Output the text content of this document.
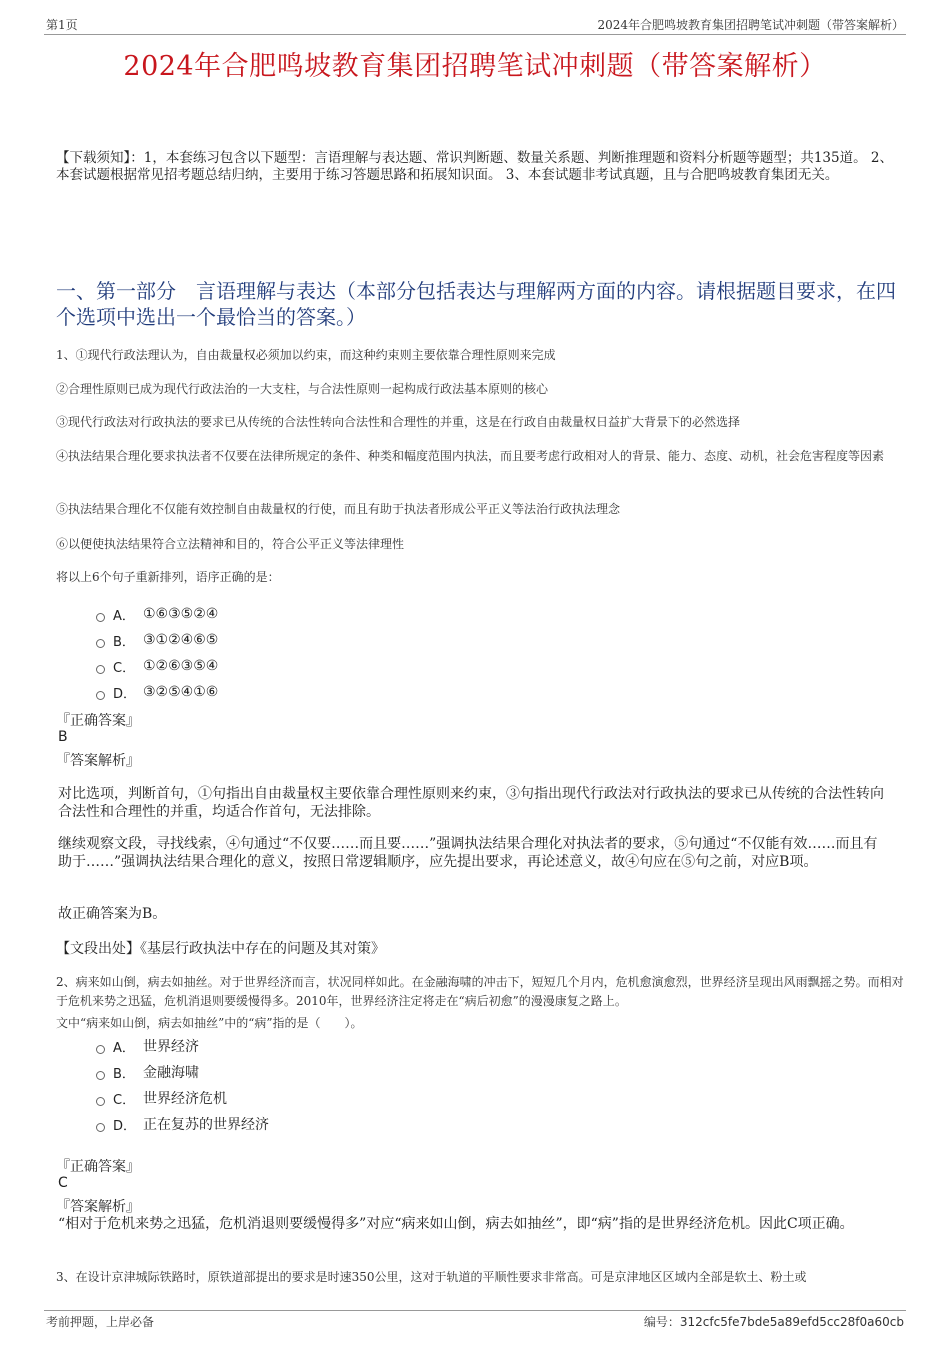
第1页	2024年合肥鸣坡教育集团招聘笔试冲刺题（带答案解析）
2024年合肥鸣坡教育集团招聘笔试冲刺题（带答案解析）
【下载须知】：1，本套练习包含以下题型：言语理解与表达题、常识判断题、数量关系题、判断推理题和资料分析题等题型；共135道。 2、本套试题根据常见招考题总结归纳，主要用于练习答题思路和拓展知识面。 3、本套试题非考试真题，且与合肥鸣坡教育集团无关。
一、第一部分　言语理解与表达（本部分包括表达与理解两方面的内容。请根据题目要求，在四个选项中选出一个最恰当的答案。）
1、①现代行政法理认为，自由裁量权必须加以约束，而这种约束则主要依靠合理性原则来完成
②合理性原则已成为现代行政法治的一大支柱，与合法性原则一起构成行政法基本原则的核心
③现代行政法对行政执法的要求已从传统的合法性转向合法性和合理性的并重，这是在行政自由裁量权日益扩大背景下的必然选择
④执法结果合理化要求执法者不仅要在法律所规定的条件、种类和幅度范围内执法，而且要考虑行政相对人的背景、能力、态度、动机，社会危害程度等因素
⑤执法结果合理化不仅能有效控制自由裁量权的行使，而且有助于执法者形成公平正义等法治行政执法理念
⑥以便使执法结果符合立法精神和目的，符合公平正义等法律理性
将以上6个句子重新排列，语序正确的是：
A． ①⑥③⑤②④
B． ③①②④⑥⑤
C． ①②⑥③⑤④
D． ③②⑤④①⑥
『正确答案』
B
『答案解析』
对比选项，判断首句，①句指出自由裁量权主要依靠合理性原则来约束，③句指出现代行政法对行政执法的要求已从传统的合法性转向合法性和合理性的并重，均适合作首句，无法排除。
继续观察文段，寻找线索，④句通过“不仅要……而且要……”强调执法结果合理化对执法者的要求，⑤句通过“不仅能有效……而且有助于……”强调执法结果合理化的意义，按照日常逻辑顺序，应先提出要求，再论述意义，故④句应在⑤句之前，对应B项。
故正确答案为B。
【文段出处】《基层行政执法中存在的问题及其对策》
2、病来如山倒，病去如抽丝。对于世界经济而言，状况同样如此。在金融海啸的冲击下，短短几个月内，危机愈演愈烈，世界经济呈现出风雨飘摇之势。而相对于危机来势之迅猛，危机消退则要缓慢得多。2010年，世界经济注定将走在“病后初愈”的漫漫康复之路上。
文中“病来如山倒，病去如抽丝”中的“病”指的是（　　）。
A． 世界经济
B． 金融海啸
C． 世界经济危机
D． 正在复苏的世界经济
『正确答案』
C
『答案解析』
“相对于危机来势之迅猛，危机消退则要缓慢得多”对应“病来如山倒，病去如抽丝”，即“病”指的是世界经济危机。因此C项正确。
3、在设计京津城际铁路时，原铁道部提出的要求是时速350公里，这对于轨道的平顺性要求非常高。可是京津地区区域内全部是软土、粉土或
考前押题，上岸必备	编号：312cfc5fe7bde5a89efd5cc28f0a60cb
